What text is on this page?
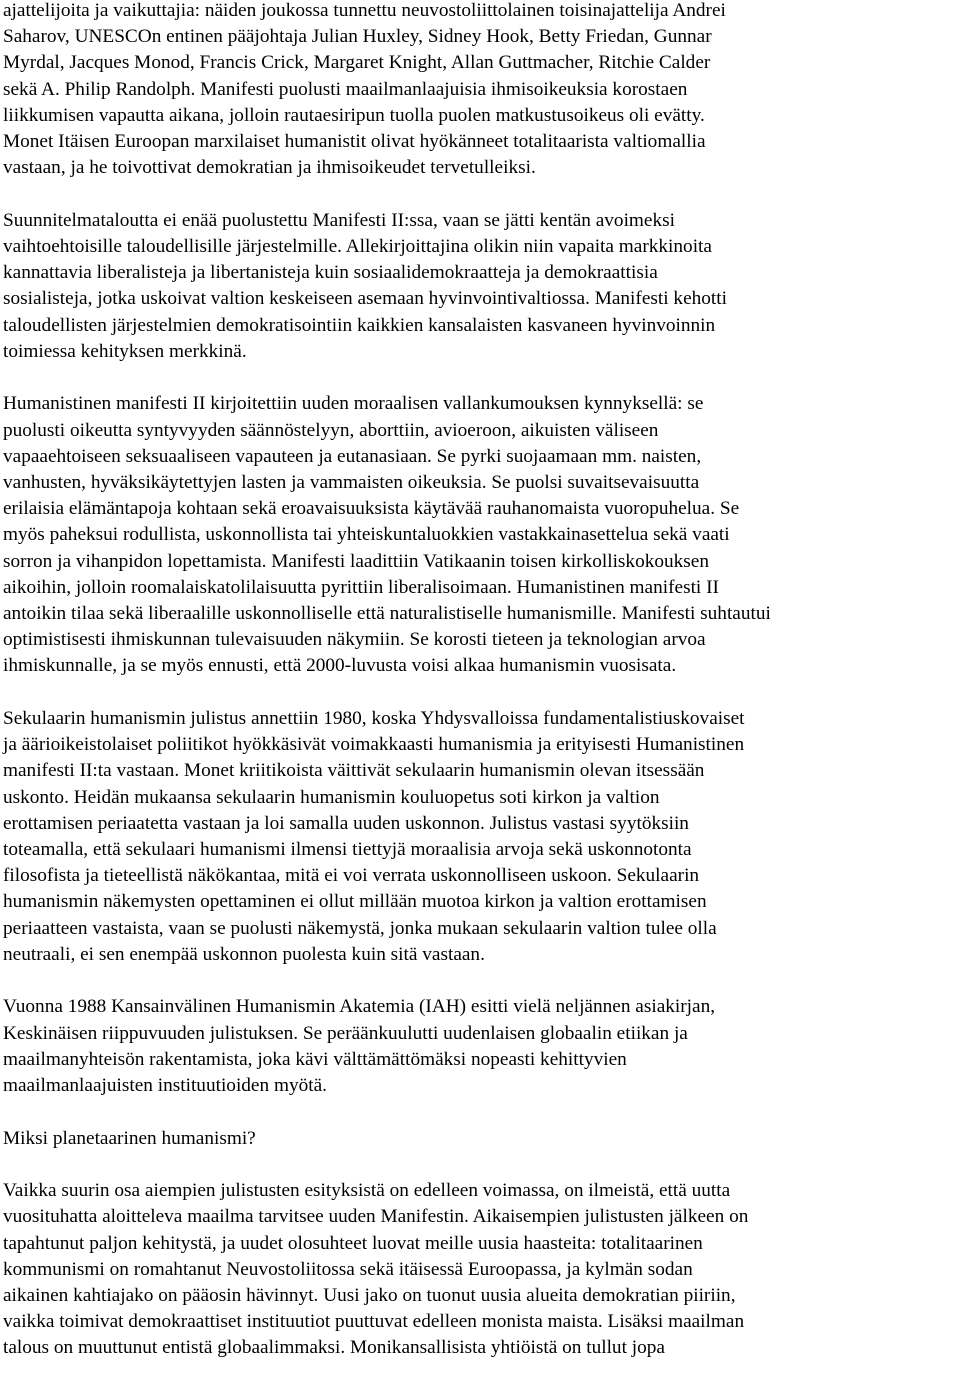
ajattelijoita ja vaikuttajia: näiden joukossa tunnettu neuvostoliittolainen toisinajattelija Andrei
Saharov, UNESCOn entinen pääjohtaja Julian Huxley, Sidney Hook, Betty Friedan, Gunnar
Myrdal, Jacques Monod, Francis Crick, Margaret Knight, Allan Guttmacher, Ritchie Calder
sekä A. Philip Randolph. Manifesti puolusti maailmanlaajuisia ihmisoikeuksia korostaen
liikkumisen vapautta aikana, jolloin rautaesiripun tuolla puolen matkustusoikeus oli evätty.
Monet Itäisen Euroopan marxilaiset humanistit olivat hyökänneet totalitaarista valtiomallia
vastaan, ja he toivottivat demokratian ja ihmisoikeudet tervetulleiksi.

Suunnitelmataloutta ei enää puolustettu Manifesti II:ssa, vaan se jätti kentän avoimeksi
vaihtoehtoisille taloudellisille järjestelmille. Allekirjoittajina olikin niin vapaita markkinoita
kannattavia liberalisteja ja libertanisteja kuin sosiaalidemokraatteja ja demokraattisia
sosialisteja, jotka uskoivat valtion keskeiseen asemaan hyvinvointivaltiossa. Manifesti kehotti
taloudellisten järjestelmien demokratisointiin kaikkien kansalaisten kasvaneen hyvinvoinnin
toimiessa kehityksen merkkinä.

Humanistinen manifesti II kirjoitettiin uuden moraalisen vallankumouksen kynnyksellä: se
puolusti oikeutta syntyvyyden säännöstelyyn, aborttiin, avioeroon, aikuisten väliseen
vapaaehtoiseen seksuaaliseen vapauteen ja eutanasiaan. Se pyrki suojaamaan mm. naisten,
vanhusten, hyväksikäytettyjen lasten ja vammaisten oikeuksia. Se puolsi suvaitsevaisuutta
erilaisia elämäntapoja kohtaan sekä eroavaisuuksista käytävää rauhanomaista vuoropuhelua. Se
myös paheksui rodullista, uskonnollista tai yhteiskuntaluokkien vastakkainasettelua sekä vaati
sorron ja vihanpidon lopettamista. Manifesti laadittiin Vatikaanin toisen kirkolliskokouksen
aikoihin, jolloin roomalaiskatolilaisuutta pyrittiin liberalisoimaan. Humanistinen manifesti II
antoikin tilaa sekä liberaalille uskonnolliselle että naturalistiselle humanismille. Manifesti suhtautui
optimistisesti ihmiskunnan tulevaisuuden näkymiin. Se korosti tieteen ja teknologian arvoa
ihmiskunnalle, ja se myös ennusti, että 2000-luvusta voisi alkaa humanismin vuosisata.

Sekulaarin humanismin julistus annettiin 1980, koska Yhdysvalloissa fundamentalistiuskovaiset
ja äärioikeistolaiset poliitikot hyökkäsivät voimakkaasti humanismia ja erityisesti Humanistinen
manifesti II:ta vastaan. Monet kriitikoista väittivät sekulaarin humanismin olevan itsessään
uskonto. Heidän mukaansa sekulaarin humanismin kouluopetus soti kirkon ja valtion
erottamisen periaatetta vastaan ja loi samalla uuden uskonnon. Julistus vastasi syytöksiin
toteamalla, että sekulaari humanismi ilmensi tiettyjä moraalisia arvoja sekä uskonnotonta
filosofista ja tieteellistä näkökantaa, mitä ei voi verrata uskonnolliseen uskoon. Sekulaarin
humanismin näkemysten opettaminen ei ollut millään muotoa kirkon ja valtion erottamisen
periaatteen vastaista, vaan se puolusti näkemystä, jonka mukaan sekulaarin valtion tulee olla
neutraali, ei sen enempää uskonnon puolesta kuin sitä vastaan.

Vuonna 1988 Kansainvälinen Humanismin Akatemia (IAH) esitti vielä neljännen asiakirjan,
Keskinäisen riippuvuuden julistuksen. Se peräänkuulutti uudenlaisen globaalin etiikan ja
maailmanyhteisön rakentamista, joka kävi välttämättömäksi nopeasti kehittyvien
maailmanlaajuisten instituutioiden myötä.

Miksi planetaarinen humanismi?

Vaikka suurin osa aiempien julistusten esityksistä on edelleen voimassa, on ilmeistä, että uutta
vuosituhatta aloitteleva maailma tarvitsee uuden Manifestin. Aikaisempien julistusten jälkeen on
tapahtunut paljon kehitystä, ja uudet olosuhteet luovat meille uusia haasteita: totalitaarinen
kommunismi on romahtanut Neuvostoliitossa sekä itäisessä Euroopassa, ja kylmän sodan
aikainen kahtiajako on pääosin hävinnyt. Uusi jako on tuonut uusia alueita demokratian piiriin,
vaikka toimivat demokraattiset instituutiot puuttuvat edelleen monista maista. Lisäksi maailman
talous on muuttunut entistä globaalimmaksi. Monikansallisista yhtiöistä on tullut jopa
